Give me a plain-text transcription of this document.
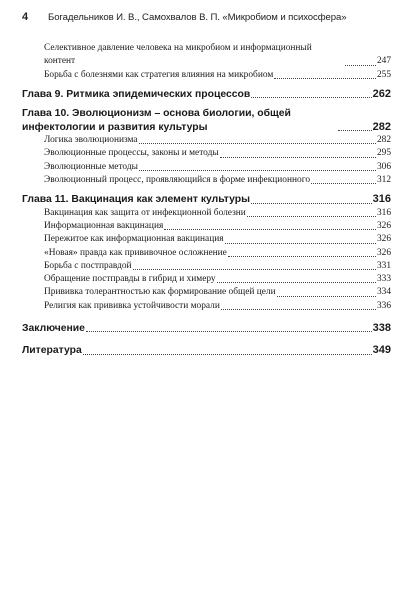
4	Богадельников И. В., Самохвалов В. П. «Микробиом и психосфера»
Селективное давление человека на микробиом и информационный контент	247
Борьба с болезнями как стратегия влияния на микробиом	255
Глава 9. Ритмика эпидемических процессов	262
Глава 10. Эволюционизм – основа биологии, общей инфектологии и развития культуры	282
Логика эволюционизма	282
Эволюционные процессы, законы и методы	295
Эволюционные методы	306
Эволюционный процесс, проявляющийся в форме инфекционного	312
Глава 11. Вакцинация как элемент культуры	316
Вакцинация как защита от инфекционной болезни	316
Информационная вакцинация	326
Пережитое как информационная вакцинация	326
«Новая» правда как прививочное осложнение	326
Борьба с постправдой	331
Обращение постправды в гибрид и химеру	333
Прививка толерантностью как формирование общей цели	334
Религия как прививка устойчивости морали	336
Заключение	338
Литература	349
